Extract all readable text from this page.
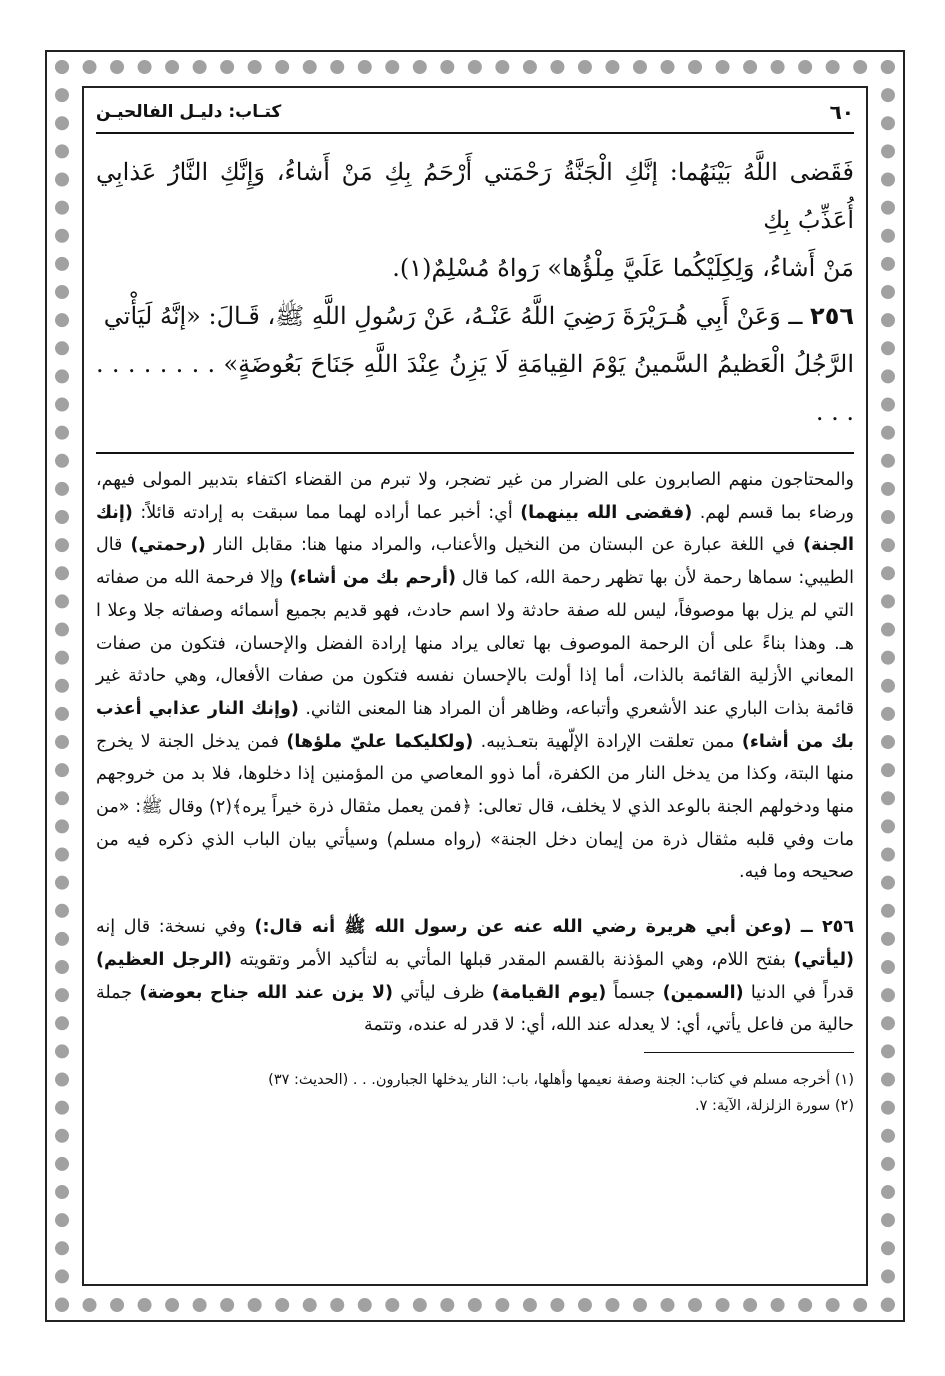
٦٠
كتـاب: دليـل الفالحيـن
فَقَضى اللَّهُ بَيْنَهُما: إنَّكِ الْجَنَّةُ رَحْمَتي أَرْحَمُ بِكِ مَنْ أَشاءُ، وَإِنَّكِ النَّارُ عَذابِي أُعَذِّبُ بِكِ
مَنْ أَشاءُ، وَلِكِلَيْكُما عَلَيَّ مِلْؤُها» رَواهُ مُسْلِمٌ(١).
٢٥٦ ــ وَعَنْ أَبِي هُـرَيْرَةَ رَضِيَ اللَّهُ عَنْـهُ، عَنْ رَسُولِ اللَّهِ ﷺ، قَـالَ: «إنَّهُ لَيَأْتي
الرَّجُلُ الْعَظيمُ السَّمينُ يَوْمَ القِيامَةِ لَا يَزِنُ عِنْدَ اللَّهِ جَنَاحَ بَعُوضَةٍ» . . . . . . . . . . .

والمحتاجون منهم الصابرون على الضرار من غير تضجر، ولا تبرم من القضاء اكتفاء بتدبير المولى فيهم، ورضاء بما قسم لهم. (فقضى الله بينهما) أي: أخبر عما أراده لهما مما سبقت به إرادته قائلاً: (إنك الجنة) في اللغة عبارة عن البستان من النخيل والأعناب، والمراد منها هنا: مقابل النار (رحمتي) قال الطيبي: سماها رحمة لأن بها تظهر رحمة الله، كما قال (أرحم بك من أشاء) وإلا فرحمة الله من صفاته التي لم يزل بها موصوفاً، ليس لله صفة حادثة ولا اسم حادث، فهو قديم بجميع أسمائه وصفاته جلا وعلا ا هـ. وهذا بناءً على أن الرحمة الموصوف بها تعالى يراد منها إرادة الفضل والإحسان، فتكون من صفات المعاني الأزلية القائمة بالذات، أما إذا أولت بالإحسان نفسه فتكون من صفات الأفعال، وهي حادثة غير قائمة بذات الباري عند الأشعري وأتباعه، وظاهر أن المراد هنا المعنى الثاني. (وإنك النار عذابي أعذب بك من أشاء) ممن تعلقت الإرادة الإلّهية بتعـذيبه. (ولكليكما عليّ ملؤها) فمن يدخل الجنة لا يخرج منها البتة، وكذا من يدخل النار من الكفرة، أما ذوو المعاصي من المؤمنين إذا دخلوها، فلا بد من خروجهم منها ودخولهم الجنة بالوعد الذي لا يخلف، قال تعالى: ﴿فمن يعمل مثقال ذرة خيراً يره﴾(٢) وقال ﷺ: «من مات وفي قلبه مثقال ذرة من إيمان دخل الجنة» (رواه مسلم) وسيأتي بيان الباب الذي ذكره فيه من صحيحه وما فيه.

٢٥٦ ــ (وعن أبي هريرة رضي الله عنه عن رسول الله ﷺ أنه قال:) وفي نسخة: قال إنه (ليأتي) بفتح اللام، وهي المؤذنة بالقسم المقدر قبلها المأتي به لتأكيد الأمر وتقويته (الرجل العظيم) قدراً في الدنيا (السمين) جسماً (يوم القيامة) ظرف ليأتي (لا يزن عند الله جناح بعوضة) جملة حالية من فاعل يأتي، أي: لا يعدله عند الله، أي: لا قدر له عنده، وتتمة

(١) أخرجه مسلم في كتاب: الجنة وصفة نعيمها وأهلها، باب: النار يدخلها الجبارون. . . (الحديث: ٣٧)
(٢) سورة الزلزلة، الآية: ٧.
